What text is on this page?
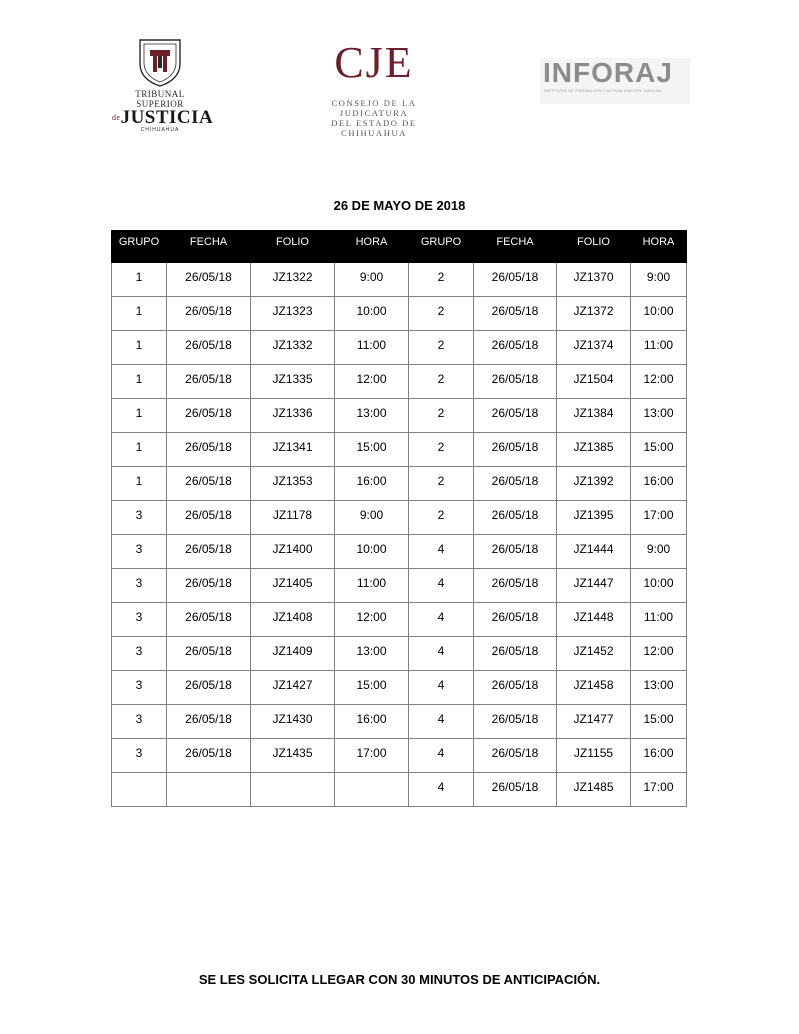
TRIBUNAL SUPERIOR
$^{de}$JUSTICIA
CHIHUAHUA
CJE
CONSEJO DE LA JUDICATURA
DEL ESTADO DE CHIHUAHUA
INFORAJ
INSTITUTO DE FORMACIÓN Y ACTUALIZACIÓN JUDICIAL
26 DE MAYO DE 2018
GRUPO	FECHA	FOLIO	HORA	GRUPO	FECHA	FOLIO	HORA
1	26/05/18	JZ1322	9:00	2	26/05/18	JZ1370	9:00
1	26/05/18	JZ1323	10:00	2	26/05/18	JZ1372	10:00
1	26/05/18	JZ1332	11:00	2	26/05/18	JZ1374	11:00
1	26/05/18	JZ1335	12:00	2	26/05/18	JZ1504	12:00
1	26/05/18	JZ1336	13:00	2	26/05/18	JZ1384	13:00
1	26/05/18	JZ1341	15:00	2	26/05/18	JZ1385	15:00
1	26/05/18	JZ1353	16:00	2	26/05/18	JZ1392	16:00
3	26/05/18	JZ1178	9:00	2	26/05/18	JZ1395	17:00
3	26/05/18	JZ1400	10:00	4	26/05/18	JZ1444	9:00
3	26/05/18	JZ1405	11:00	4	26/05/18	JZ1447	10:00
3	26/05/18	JZ1408	12:00	4	26/05/18	JZ1448	11:00
3	26/05/18	JZ1409	13:00	4	26/05/18	JZ1452	12:00
3	26/05/18	JZ1427	15:00	4	26/05/18	JZ1458	13:00
3	26/05/18	JZ1430	16:00	4	26/05/18	JZ1477	15:00
3	26/05/18	JZ1435	17:00	4	26/05/18	JZ1155	16:00
				4	26/05/18	JZ1485	17:00
SE LES SOLICITA LLEGAR CON 30 MINUTOS DE ANTICIPACIÓN.
